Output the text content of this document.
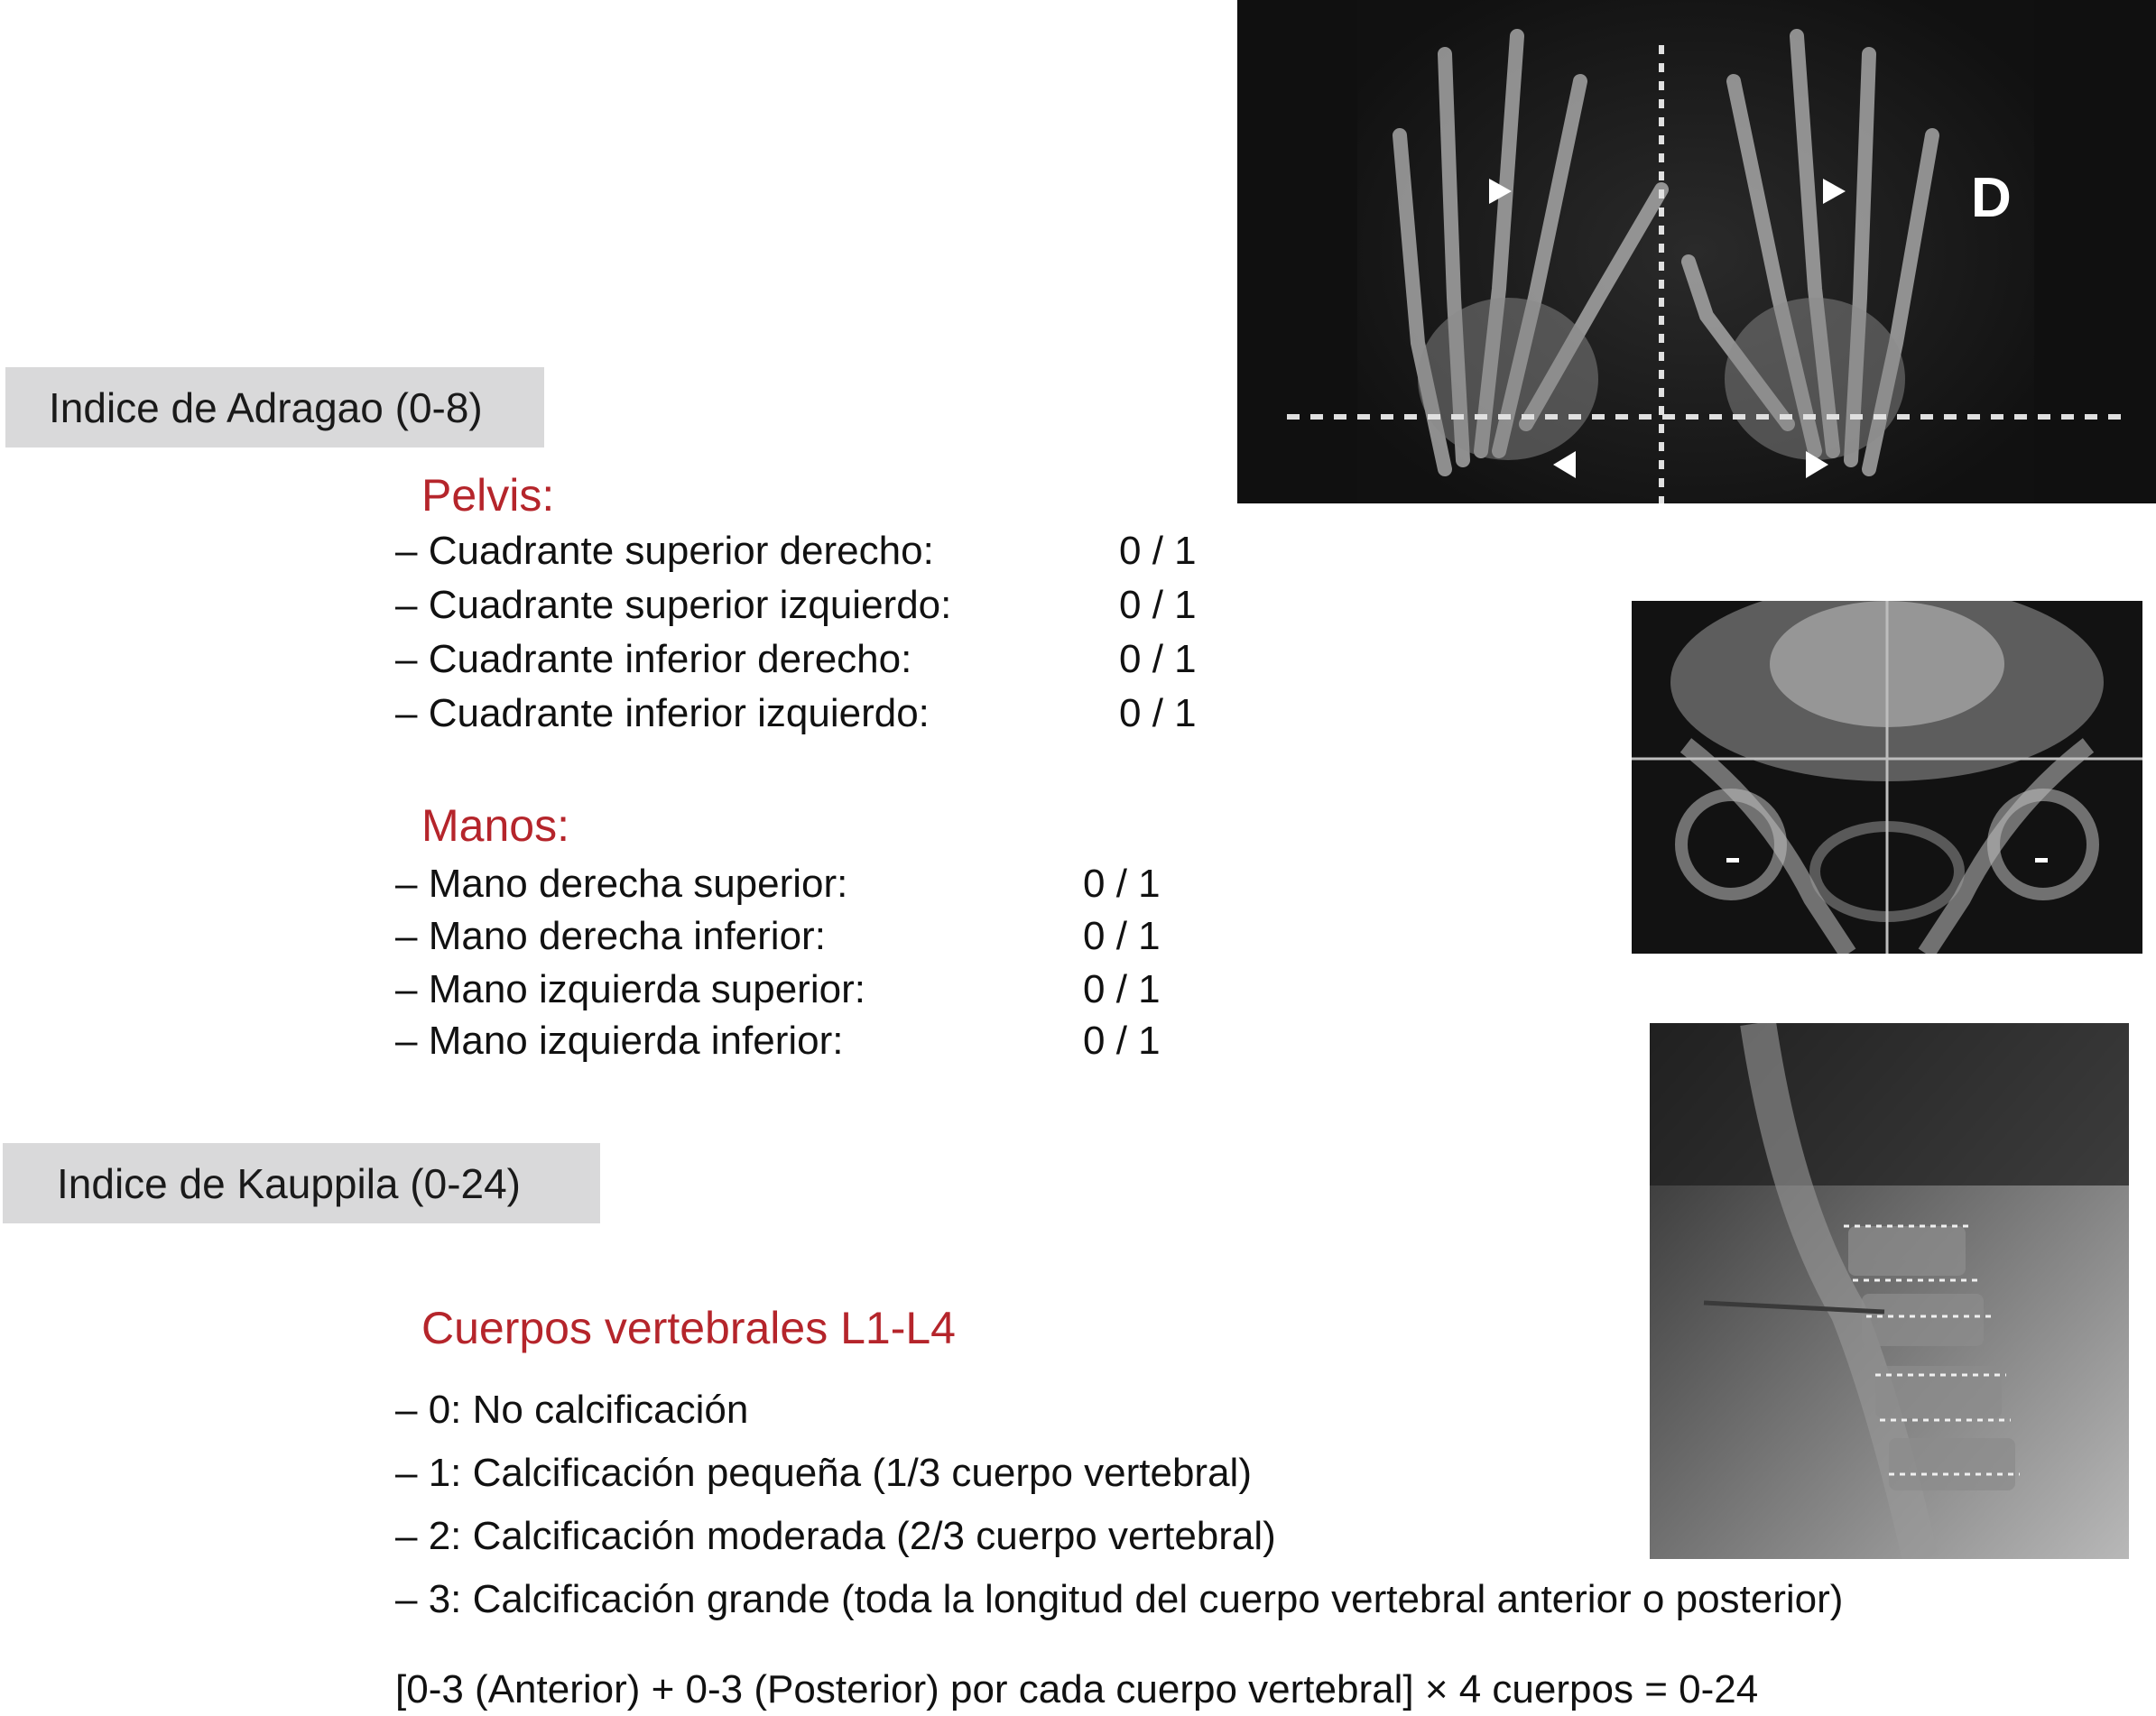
Indice de Adragao (0-8)
Pelvis:
– Cuadrante superior derecho:	0 / 1
– Cuadrante superior izquierdo:	0 / 1
– Cuadrante inferior derecho:	0 / 1
– Cuadrante inferior izquierdo:	0 / 1
Manos:
– Mano derecha superior:	0 / 1
– Mano derecha inferior:	0 / 1
– Mano izquierda superior:	0 / 1
– Mano izquierda inferior:	0 / 1
Indice de Kauppila (0-24)
Cuerpos vertebrales L1-L4
– 0: No calcificación
– 1: Calcificación pequeña (1/3 cuerpo vertebral)
– 2: Calcificación moderada (2/3 cuerpo vertebral)
– 3: Calcificación grande (toda la longitud del cuerpo vertebral anterior o posterior)
[0-3 (Anterior) + 0-3 (Posterior) por cada cuerpo vertebral] × 4 cuerpos = 0-24
D
